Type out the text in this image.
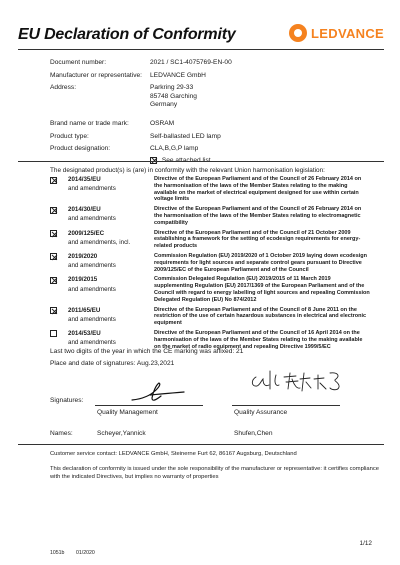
EU Declaration of Conformity	LEDVANCE
Document number:	2021 / SC1-4075769-EN-00
Manufacturer or representative:	LEDVANCE GmbH
Address:	Parkring 29-33
85748 Garching
Germany
Brand name or trade mark:	OSRAM
Product type:	Self-ballasted LED lamp
Product designation:	CLA,B,G,P lamp
The designated product(s) is (are) in conformity with the relevant Union harmonisation legislation:
2014/35/EU
and amendments
Directive of the European Parliament and of the Council of 26 February 2014 on the harmonisation of the laws of the Member States relating to the making available on the market of electrical equipment designed for use within certain voltage limits
2014/30/EU
and amendments
Directive of the European Parliament and of the Council of 26 February 2014 on the harmonisation of the laws of the Member States relating to electromagnetic compatibility
2009/125/EC
and amendments, incl.
Directive of the European Parliament and of the Council of 21 October 2009 establishing a framework for the setting of ecodesign requirements for energy-related products
2019/2020
and amendments
Commission Regulation (EU) 2019/2020 of 1 October 2019 laying down ecodesign requirements for light sources and separate control gears pursuant to Directive 2009/125/EC of the European Parliament and of the Council
2019/2015
and amendments
Commission Delegated Regulation (EU) 2019/2015 of 11 March 2019 supplementing Regulation (EU) 2017/1369 of the European Parliament and of the Council with regard to energy labelling of light sources and repealing Commission Delegated Regulation (EU) No 874/2012
2011/65/EU
and amendments
Directive of the European Parliament and of the Council of 8 June 2011 on the restriction of the use of certain hazardous substances in electrical and electronic equipment
2014/53/EU
and amendments
Directive of the European Parliament and of the Council of 16 April 2014 on the harmonisation of the laws of the Member States relating to the making available on the market of radio equipment and repealing Directive 1999/5/EC
Last two digits of the year in which the CE marking was affixed: 21
Place and date of signatures: Aug.23,2021
Signatures:
Quality Management	Quality Assurance
Names:	Scheyer,Yannick	Shufen,Chen
Customer service contact: LEDVANCE GmbH, Steinerne Furt 62, 86167 Augsburg, Deutschland
This declaration of conformity is issued under the sole responsibility of the manufacturer or representative: it certifies compliance with the indicated Directives, but implies no warranty of properties
1/12
1051b 01/2020
